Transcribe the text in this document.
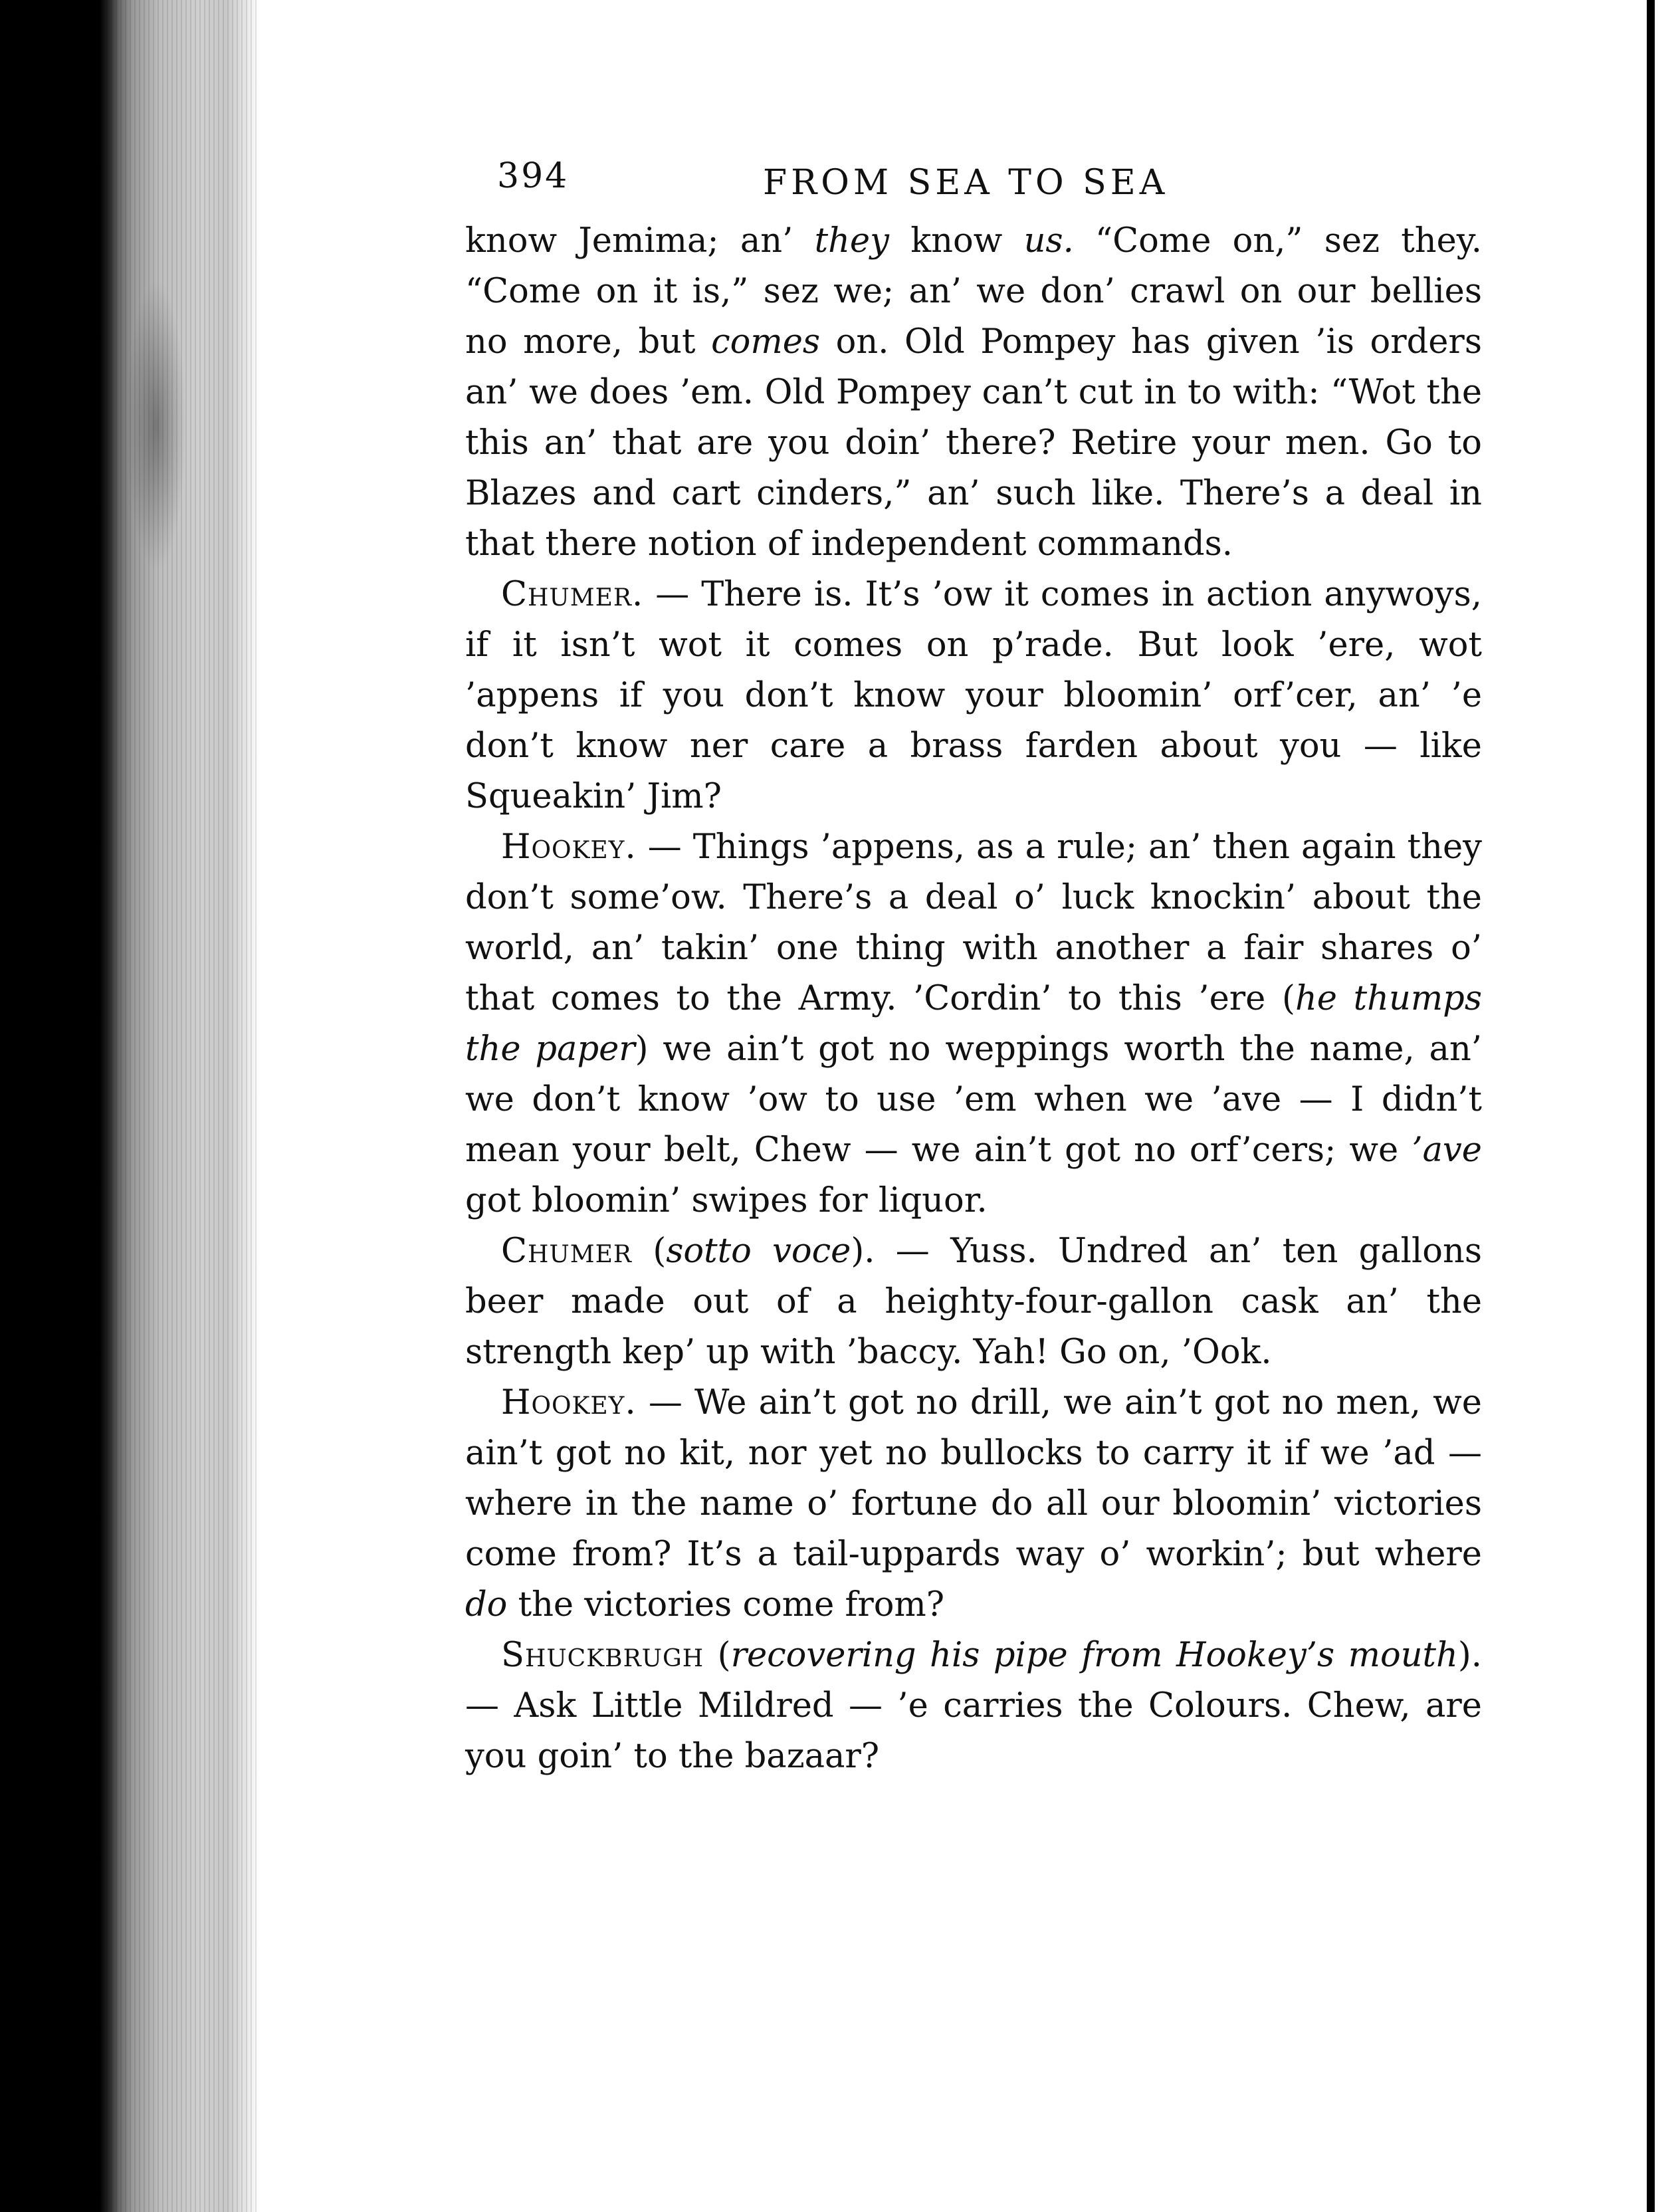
394	FROM SEA TO SEA

know Jemima; an’ they know us. “Come on,” sez they. “Come on it is,” sez we; an’ we don’ crawl on our bellies no more, but comes on. Old Pompey has given ’is orders an’ we does ’em. Old Pompey can’t cut in to with: “Wot the this an’ that are you doin’ there? Retire your men. Go to Blazes and cart cinders,” an’ such like. There’s a deal in that there notion of independent commands.

Chumer. — There is. It’s ’ow it comes in action anywoys, if it isn’t wot it comes on p’rade. But look ’ere, wot ’appens if you don’t know your bloomin’ orf’cer, an’ ’e don’t know ner care a brass farden about you — like Squeakin’ Jim?

Hookey. — Things ’appens, as a rule; an’ then again they don’t some’ow. There’s a deal o’ luck knockin’ about the world, an’ takin’ one thing with another a fair shares o’ that comes to the Army. ’Cordin’ to this ’ere (he thumps the paper) we ain’t got no weppings worth the name, an’ we don’t know ’ow to use ’em when we ’ave — I didn’t mean your belt, Chew — we ain’t got no orf’cers; we ’ave got bloomin’ swipes for liquor.

Chumer (sotto voce). — Yuss. Undred an’ ten gallons beer made out of a heighty-four-gallon cask an’ the strength kep’ up with ’baccy. Yah! Go on, ’Ook.

Hookey. — We ain’t got no drill, we ain’t got no men, we ain’t got no kit, nor yet no bullocks to carry it if we ’ad — where in the name o’ fortune do all our bloomin’ victories come from? It’s a tail-uppards way o’ workin’; but where do the victories come from?

Shuckbrugh (recovering his pipe from Hookey’s mouth). — Ask Little Mildred — ’e carries the Colours. Chew, are you goin’ to the bazaar?
